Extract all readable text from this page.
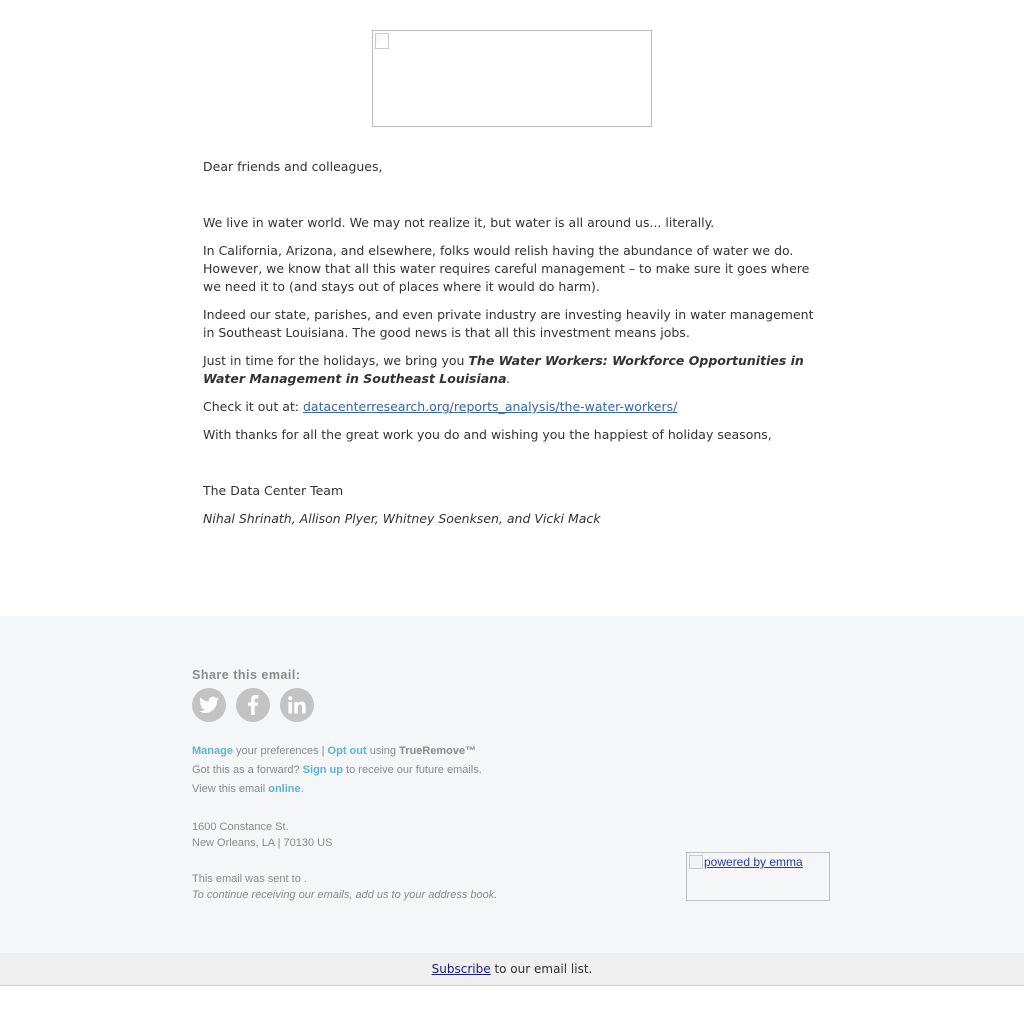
Dear friends and colleagues,

We live in water world. We may not realize it, but water is all around us... literally.

In California, Arizona, and elsewhere, folks would relish having the abundance of water we do. However, we know that all this water requires careful management – to make sure it goes where we need it to (and stays out of places where it would do harm).

Indeed our state, parishes, and even private industry are investing heavily in water management in Southeast Louisiana. The good news is that all this investment means jobs.

Just in time for the holidays, we bring you The Water Workers: Workforce Opportunities in Water Management in Southeast Louisiana.

Check it out at: datacenterresearch.org/reports_analysis/the-water-workers/

With thanks for all the great work you do and wishing you the happiest of holiday seasons,

The Data Center Team

Nihal Shrinath, Allison Plyer, Whitney Soenksen, and Vicki Mack

Share this email:
Manage your preferences | Opt out using TrueRemove™
Got this as a forward? Sign up to receive our future emails.
View this email online.
1600 Constance St.
New Orleans, LA | 70130 US
This email was sent to .
To continue receiving our emails, add us to your address book.
powered by emma
Subscribe to our email list.
